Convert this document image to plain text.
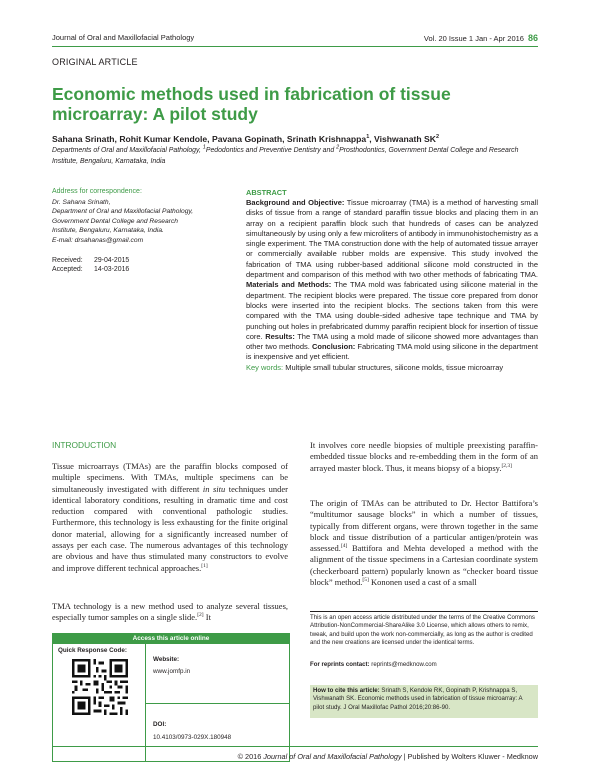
Journal of Oral and Maxillofacial Pathology	Vol. 20 Issue 1 Jan - Apr 2016 86
ORIGINAL ARTICLE
Economic methods used in fabrication of tissue microarray: A pilot study
Sahana Srinath, Rohit Kumar Kendole, Pavana Gopinath, Srinath Krishnappa$^1$, Vishwanath $SK^2$
Departments of Oral and Maxillofacial Pathology, $^1$Pedodontics and Preventive Dentistry and $^2$Prosthodontics, Government Dental College and Research Institute, Bengaluru, Karnataka, India
Address for correspondence:
Dr. Sahana Srinath,
Department of Oral and Maxillofacial Pathology,
Government Dental College and Research
Institute, Bengaluru, Karnataka, India.
E-mail: drsahanas@gmail.com
Received:	29-04-2015
Accepted:	14-03-2016
ABSTRACT
Background and Objective: Tissue microarray (TMA) is a method of harvesting small disks of tissue from a range of standard paraffin tissue blocks and placing them in an array on a recipient paraffin block such that hundreds of cases can be analyzed simultaneously by using only a few microliters of antibody in immunohistochemistry as a single experiment. The TMA construction done with the help of automated tissue arrayer or commercially available rubber molds are expensive. This study involved the fabrication of TMA using rubber-based additional silicone mold constructed in the department and comparison of this method with two other methods of fabricating TMA. Materials and Methods: The TMA mold was fabricated using silicone material in the department. The recipient blocks were prepared. The tissue core prepared from donor blocks were inserted into the recipient blocks. The sections taken from this were compared with the TMA using double-sided adhesive tape technique and TMA by punching out holes in prefabricated dummy paraffin recipient block for insertion of tissue core. Results: The TMA using a mold made of silicone showed more advantages than other two methods. Conclusion: Fabricating TMA mold using silicone in the department is inexpensive and yet efficient.
Key words: Multiple small tubular structures, silicone molds, tissue microarray
INTRODUCTION
Tissue microarrays (TMAs) are the paraffin blocks composed of multiple specimens. With TMAs, multiple specimens can be simultaneously investigated with different in situ techniques under identical laboratory conditions, resulting in dramatic time and cost reduction compared with conventional pathologic studies. Furthermore, this technology is less exhausting for the finite original donor material, allowing for a significantly increased number of assays per each case. The numerous advantages of this technology are obvious and have thus stimulated many constructors to evolve and improve different technical approaches.[1]
TMA technology is a new method used to analyze several tissues, especially tumor samples on a single slide.[2] It
It involves core needle biopsies of multiple preexisting paraffin-embedded tissue blocks and re-embedding them in the form of an arrayed master block. Thus, it means biopsy of a biopsy.[2,3]
The origin of TMAs can be attributed to Dr. Hector Battifora’s “multitumor sausage blocks” in which a number of tissues, typically from different organs, were thrown together in the same block and tissue distribution of a particular antigen/protein was assessed.[4] Battifora and Mehta developed a method with the alignment of the tissue specimens in a Cartesian coordinate system (checkerboard pattern) popularly known as “checker board tissue block” method.[5] Kononen used a cast of a small
Access this article online
Quick Response Code:
Website:
www.jomfp.in
DOI:
10.4103/0973-029X.180948
This is an open access article distributed under the terms of the Creative Commons Attribution-NonCommercial-ShareAlike 3.0 License, which allows others to remix, tweak, and build upon the work non-commercially, as long as the author is credited and the new creations are licensed under the identical terms.
For reprints contact: reprints@medknow.com
How to cite this article: Srinath S, Kendole RK, Gopinath P, Krishnappa S, Vishwanath SK. Economic methods used in fabrication of tissue microarray: A pilot study. J Oral Maxillofac Pathol 2016;20:86-90.
© 2016 Journal of Oral and Maxillofacial Pathology | Published by Wolters Kluwer - Medknow
